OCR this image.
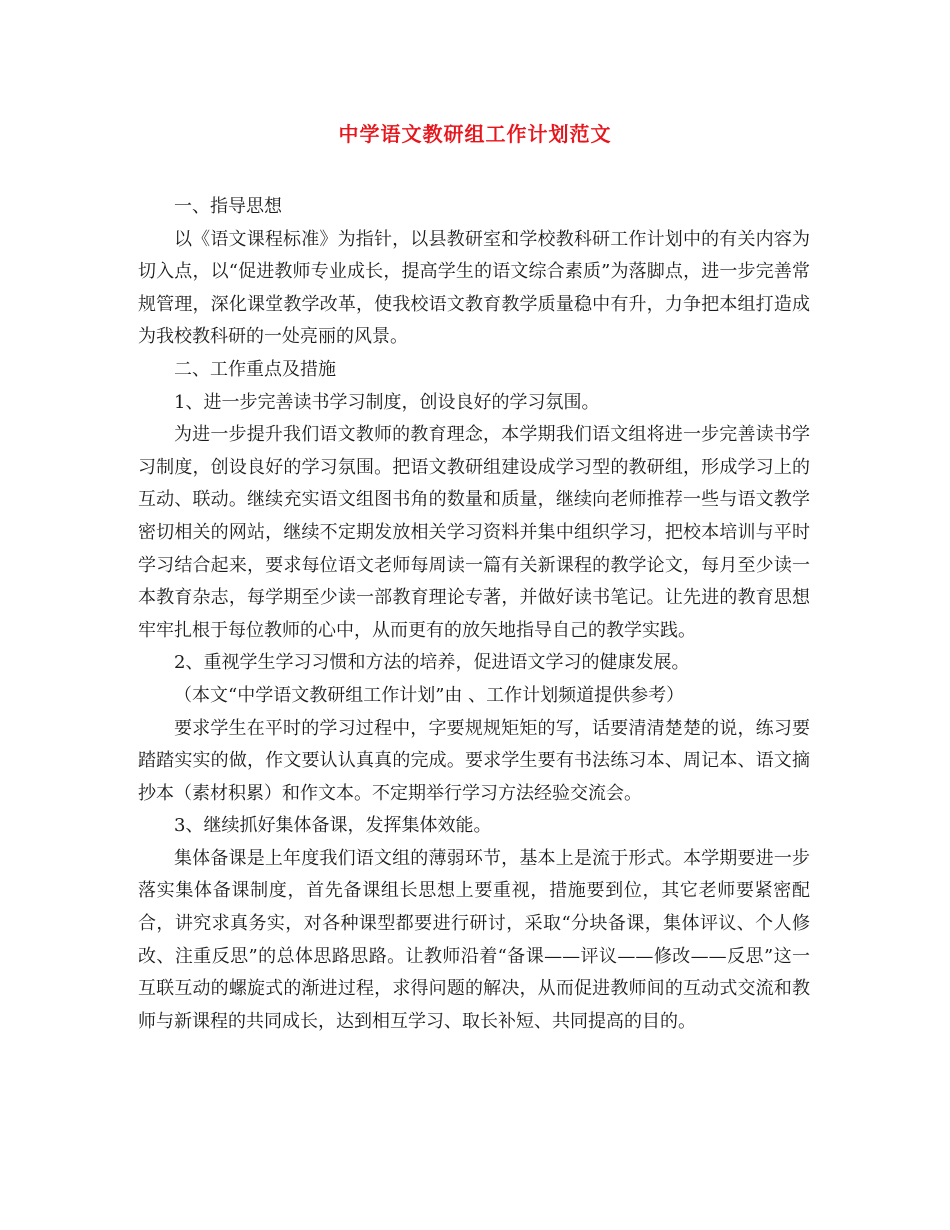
中学语文教研组工作计划范文

一、指导思想

以《语文课程标准》为指针，以县教研室和学校教科研工作计划中的有关内容为切入点，以“促进教师专业成长，提高学生的语文综合素质”为落脚点，进一步完善常规管理，深化课堂教学改革，使我校语文教育教学质量稳中有升，力争把本组打造成为我校教科研的一处亮丽的风景。

二、工作重点及措施

1、进一步完善读书学习制度，创设良好的学习氛围。

为进一步提升我们语文教师的教育理念，本学期我们语文组将进一步完善读书学习制度，创设良好的学习氛围。把语文教研组建设成学习型的教研组，形成学习上的互动、联动。继续充实语文组图书角的数量和质量，继续向老师推荐一些与语文教学密切相关的网站，继续不定期发放相关学习资料并集中组织学习，把校本培训与平时学习结合起来，要求每位语文老师每周读一篇有关新课程的教学论文，每月至少读一本教育杂志，每学期至少读一部教育理论专著，并做好读书笔记。让先进的教育思想牢牢扎根于每位教师的心中，从而更有的放矢地指导自己的教学实践。

2、重视学生学习习惯和方法的培养，促进语文学习的健康发展。

（本文“中学语文教研组工作计划”由 、工作计划频道提供参考）

要求学生在平时的学习过程中，字要规规矩矩的写，话要清清楚楚的说，练习要踏踏实实的做，作文要认认真真的完成。要求学生要有书法练习本、周记本、语文摘抄本（素材积累）和作文本。不定期举行学习方法经验交流会。

3、继续抓好集体备课，发挥集体效能。

集体备课是上年度我们语文组的薄弱环节，基本上是流于形式。本学期要进一步落实集体备课制度，首先备课组长思想上要重视，措施要到位，其它老师要紧密配合，讲究求真务实，对各种课型都要进行研讨，采取“分块备课，集体评议、个人修改、注重反思”的总体思路思路。让教师沿着“备课——评议——修改——反思”这一互联互动的螺旋式的渐进过程，求得问题的解决，从而促进教师间的互动式交流和教师与新课程的共同成长，达到相互学习、取长补短、共同提高的目的。
